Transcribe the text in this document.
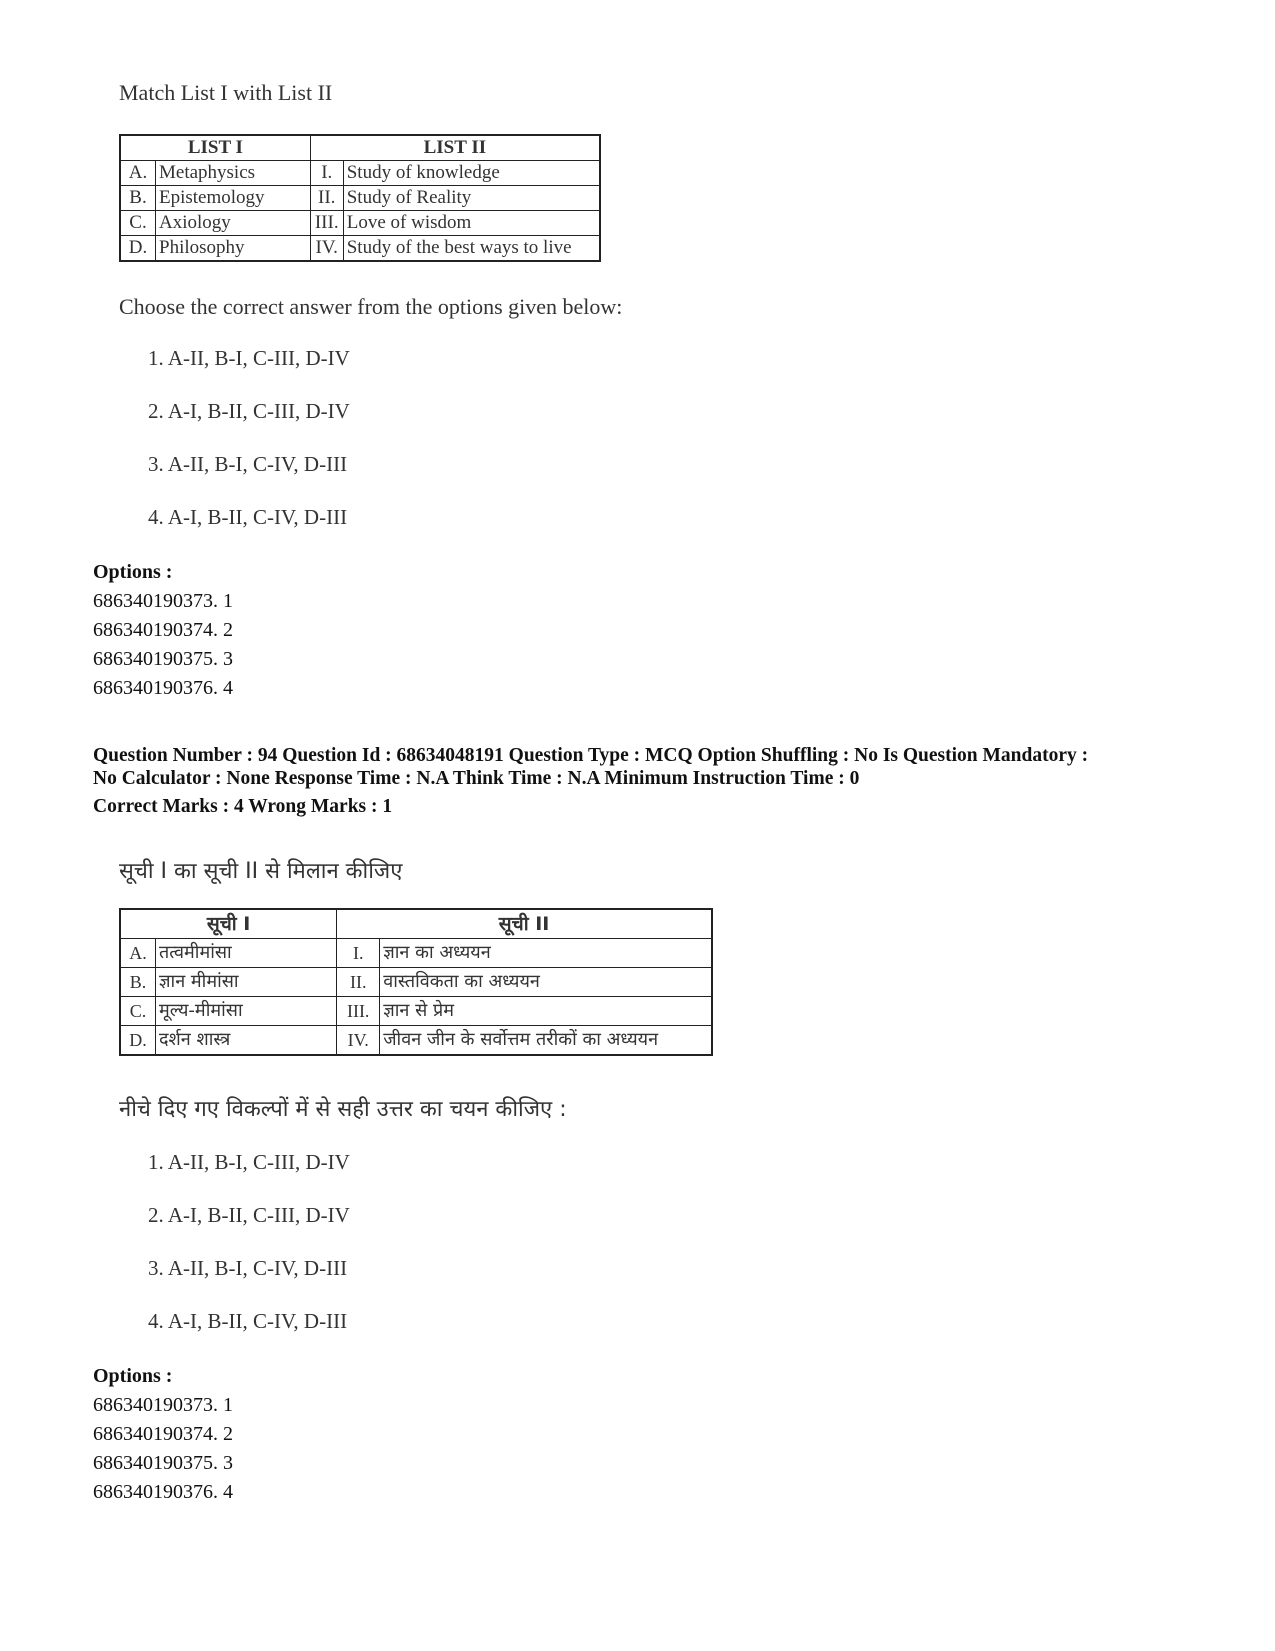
Match List I with List II
LIST I		LIST II	
A.	Metaphysics	I.	Study of knowledge
B.	Epistemology	II.	Study of Reality
C.	Axiology	III.	Love of wisdom
D.	Philosophy	IV.	Study of the best ways to live
Choose the correct answer from the options given below:
1. A-II, B-I, C-III, D-IV
2. A-I, B-II, C-III, D-IV
3. A-II, B-I, C-IV, D-III
4. A-I, B-II, C-IV, D-III
Options :
686340190373. 1
686340190374. 2
686340190375. 3
686340190376. 4
Question Number : 94 Question Id : 68634048191 Question Type : MCQ Option Shuffling : No Is Question Mandatory :
No Calculator : None Response Time : N.A Think Time : N.A Minimum Instruction Time : 0
Correct Marks : 4 Wrong Marks : 1
सूची I का सूची II से मिलान कीजिए
सूची I		सूची II	
A.	तत्वमीमांसा	I.	ज्ञान का अध्ययन
B.	ज्ञान मीमांसा	II.	वास्तविकता का अध्ययन
C.	मूल्य-मीमांसा	III.	ज्ञान से प्रेम
D.	दर्शन शास्त्र	IV.	जीवन जीन के सर्वोत्तम तरीकों का अध्ययन
नीचे दिए गए विकल्पों में से सही उत्तर का चयन कीजिए :
1. A-II, B-I, C-III, D-IV
2. A-I, B-II, C-III, D-IV
3. A-II, B-I, C-IV, D-III
4. A-I, B-II, C-IV, D-III
Options :
686340190373. 1
686340190374. 2
686340190375. 3
686340190376. 4
